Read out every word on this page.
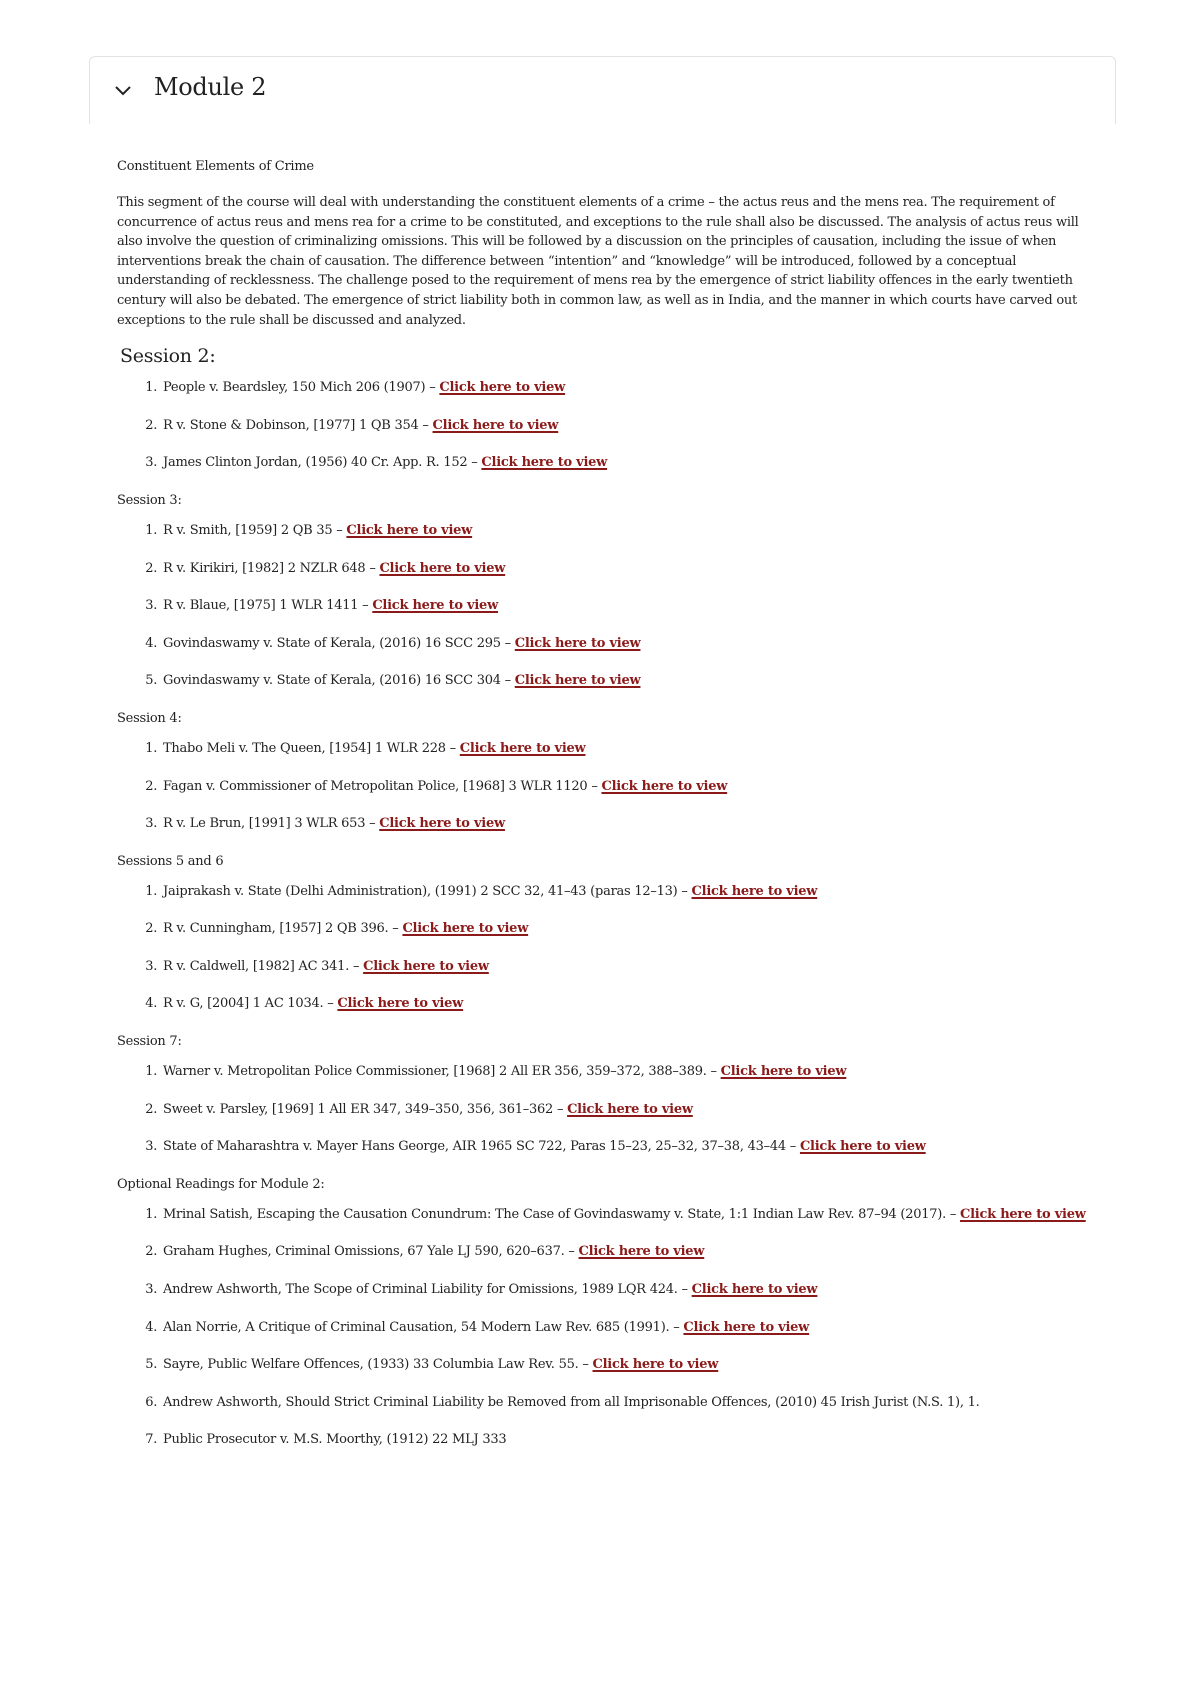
Module 2
Constituent Elements of Crime

This segment of the course will deal with understanding the constituent elements of a crime – the actus reus and the mens rea. The requirement of concurrence of actus reus and mens rea for a crime to be constituted, and exceptions to the rule shall also be discussed. The analysis of actus reus will also involve the question of criminalizing omissions. This will be followed by a discussion on the principles of causation, including the issue of when interventions break the chain of causation. The difference between “intention” and “knowledge” will be introduced, followed by a conceptual understanding of recklessness. The challenge posed to the requirement of mens rea by the emergence of strict liability offences in the early twentieth century will also be debated. The emergence of strict liability both in common law, as well as in India, and the manner in which courts have carved out exceptions to the rule shall be discussed and analyzed.

Session 2:
1. People v. Beardsley, 150 Mich 206 (1907) – Click here to view
2. R v. Stone & Dobinson, [1977] 1 QB 354 – Click here to view
3. James Clinton Jordan, (1956) 40 Cr. App. R. 152 – Click here to view
Session 3:
1. R v. Smith, [1959] 2 QB 35 – Click here to view
2. R v. Kirikiri, [1982] 2 NZLR 648 – Click here to view
3. R v. Blaue, [1975] 1 WLR 1411 – Click here to view
4. Govindaswamy v. State of Kerala, (2016) 16 SCC 295 – Click here to view
5. Govindaswamy v. State of Kerala, (2016) 16 SCC 304 – Click here to view
Session 4:
1. Thabo Meli v. The Queen, [1954] 1 WLR 228 – Click here to view
2. Fagan v. Commissioner of Metropolitan Police, [1968] 3 WLR 1120 – Click here to view
3. R v. Le Brun, [1991] 3 WLR 653 – Click here to view
Sessions 5 and 6
1. Jaiprakash v. State (Delhi Administration), (1991) 2 SCC 32, 41–43 (paras 12–13) – Click here to view
2. R v. Cunningham, [1957] 2 QB 396. – Click here to view
3. R v. Caldwell, [1982] AC 341. – Click here to view
4. R v. G, [2004] 1 AC 1034. – Click here to view
Session 7:
1. Warner v. Metropolitan Police Commissioner, [1968] 2 All ER 356, 359–372, 388–389. – Click here to view
2. Sweet v. Parsley, [1969] 1 All ER 347, 349–350, 356, 361–362 – Click here to view
3. State of Maharashtra v. Mayer Hans George, AIR 1965 SC 722, Paras 15–23, 25–32, 37–38, 43–44 – Click here to view
Optional Readings for Module 2:
1. Mrinal Satish, Escaping the Causation Conundrum: The Case of Govindaswamy v. State, 1:1 Indian Law Rev. 87–94 (2017). – Click here to view
2. Graham Hughes, Criminal Omissions, 67 Yale LJ 590, 620–637. – Click here to view
3. Andrew Ashworth, The Scope of Criminal Liability for Omissions, 1989 LQR 424. – Click here to view
4. Alan Norrie, A Critique of Criminal Causation, 54 Modern Law Rev. 685 (1991). – Click here to view
5. Sayre, Public Welfare Offences, (1933) 33 Columbia Law Rev. 55. – Click here to view
6. Andrew Ashworth, Should Strict Criminal Liability be Removed from all Imprisonable Offences, (2010) 45 Irish Jurist (N.S. 1), 1.
7. Public Prosecutor v. M.S. Moorthy, (1912) 22 MLJ 333
